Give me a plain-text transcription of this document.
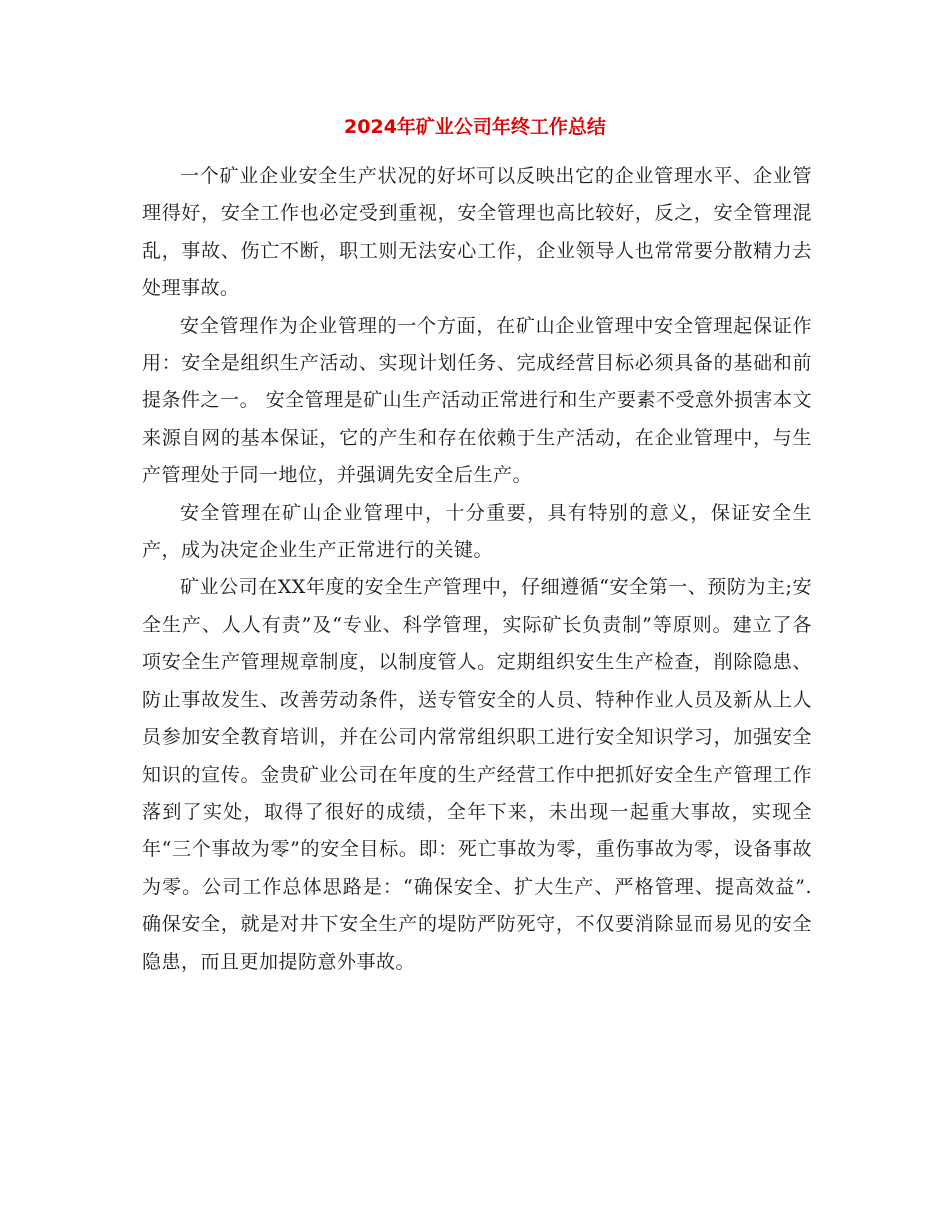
2024年矿业公司年终工作总结

一个矿业企业安全生产状况的好坏可以反映出它的企业管理水平、企业管理得好，安全工作也必定受到重视，安全管理也高比较好，反之，安全管理混乱，事故、伤亡不断，职工则无法安心工作，企业领导人也常常要分散精力去处理事故。

安全管理作为企业管理的一个方面，在矿山企业管理中安全管理起保证作用：安全是组织生产活动、实现计划任务、完成经营目标必须具备的基础和前提条件之一。 安全管理是矿山生产活动正常进行和生产要素不受意外损害本文来源自网的基本保证，它的产生和存在依赖于生产活动，在企业管理中，与生产管理处于同一地位，并强调先安全后生产。

安全管理在矿山企业管理中，十分重要，具有特别的意义，保证安全生产，成为决定企业生产正常进行的关键。

矿业公司在XX年度的安全生产管理中，仔细遵循“安全第一、预防为主;安全生产、人人有责”及“专业、科学管理，实际矿长负责制”等原则。建立了各项安全生产管理规章制度，以制度管人。定期组织安生生产检查，削除隐患、防止事故发生、改善劳动条件，送专管安全的人员、特种作业人员及新从上人员参加安全教育培训，并在公司内常常组织职工进行安全知识学习，加强安全知识的宣传。金贵矿业公司在年度的生产经营工作中把抓好安全生产管理工作落到了实处，取得了很好的成绩，全年下来，未出现一起重大事故，实现全年“三个事故为零”的安全目标。即：死亡事故为零，重伤事故为零，设备事故为零。公司工作总体思路是：“确保安全、扩大生产、严格管理、提高效益”.确保安全，就是对井下安全生产的堤防严防死守，不仅要消除显而易见的安全隐患，而且更加提防意外事故。
